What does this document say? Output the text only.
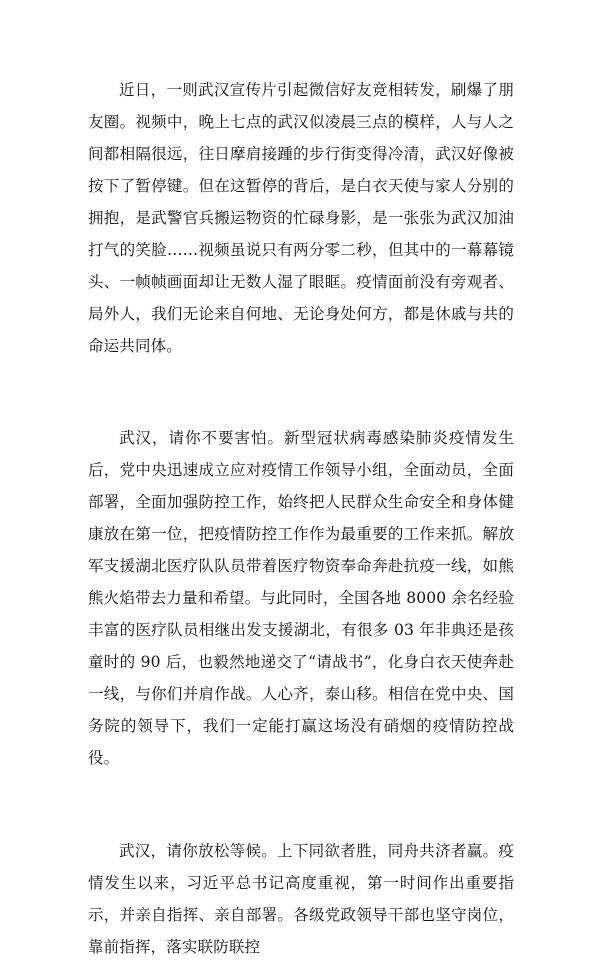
近日，一则武汉宣传片引起微信好友竞相转发，刷爆了朋友圈。视频中，晚上七点的武汉似凌晨三点的模样，人与人之间都相隔很远，往日摩肩接踵的步行街变得冷清，武汉好像被按下了暂停键。但在这暂停的背后，是白衣天使与家人分别的拥抱，是武警官兵搬运物资的忙碌身影，是一张张为武汉加油打气的笑脸……视频虽说只有两分零二秒，但其中的一幕幕镜头、一帧帧画面却让无数人湿了眼眶。疫情面前没有旁观者、局外人，我们无论来自何地、无论身处何方，都是休戚与共的命运共同体。

武汉，请你不要害怕。新型冠状病毒感染肺炎疫情发生后，党中央迅速成立应对疫情工作领导小组，全面动员，全面部署，全面加强防控工作，始终把人民群众生命安全和身体健康放在第一位，把疫情防控工作作为最重要的工作来抓。解放军支援湖北医疗队队员带着医疗物资奉命奔赴抗疫一线，如熊熊火焰带去力量和希望。与此同时，全国各地 8000 余名经验丰富的医疗队员相继出发支援湖北，有很多 03 年非典还是孩童时的 90 后，也毅然地递交了“请战书”，化身白衣天使奔赴一线，与你们并肩作战。人心齐，泰山移。相信在党中央、国务院的领导下，我们一定能打赢这场没有硝烟的疫情防控战役。

武汉，请你放松等候。上下同欲者胜，同舟共济者赢。疫情发生以来，习近平总书记高度重视，第一时间作出重要指示，并亲自指挥、亲自部署。各级党政领导干部也坚守岗位，靠前指挥，落实联防联控
